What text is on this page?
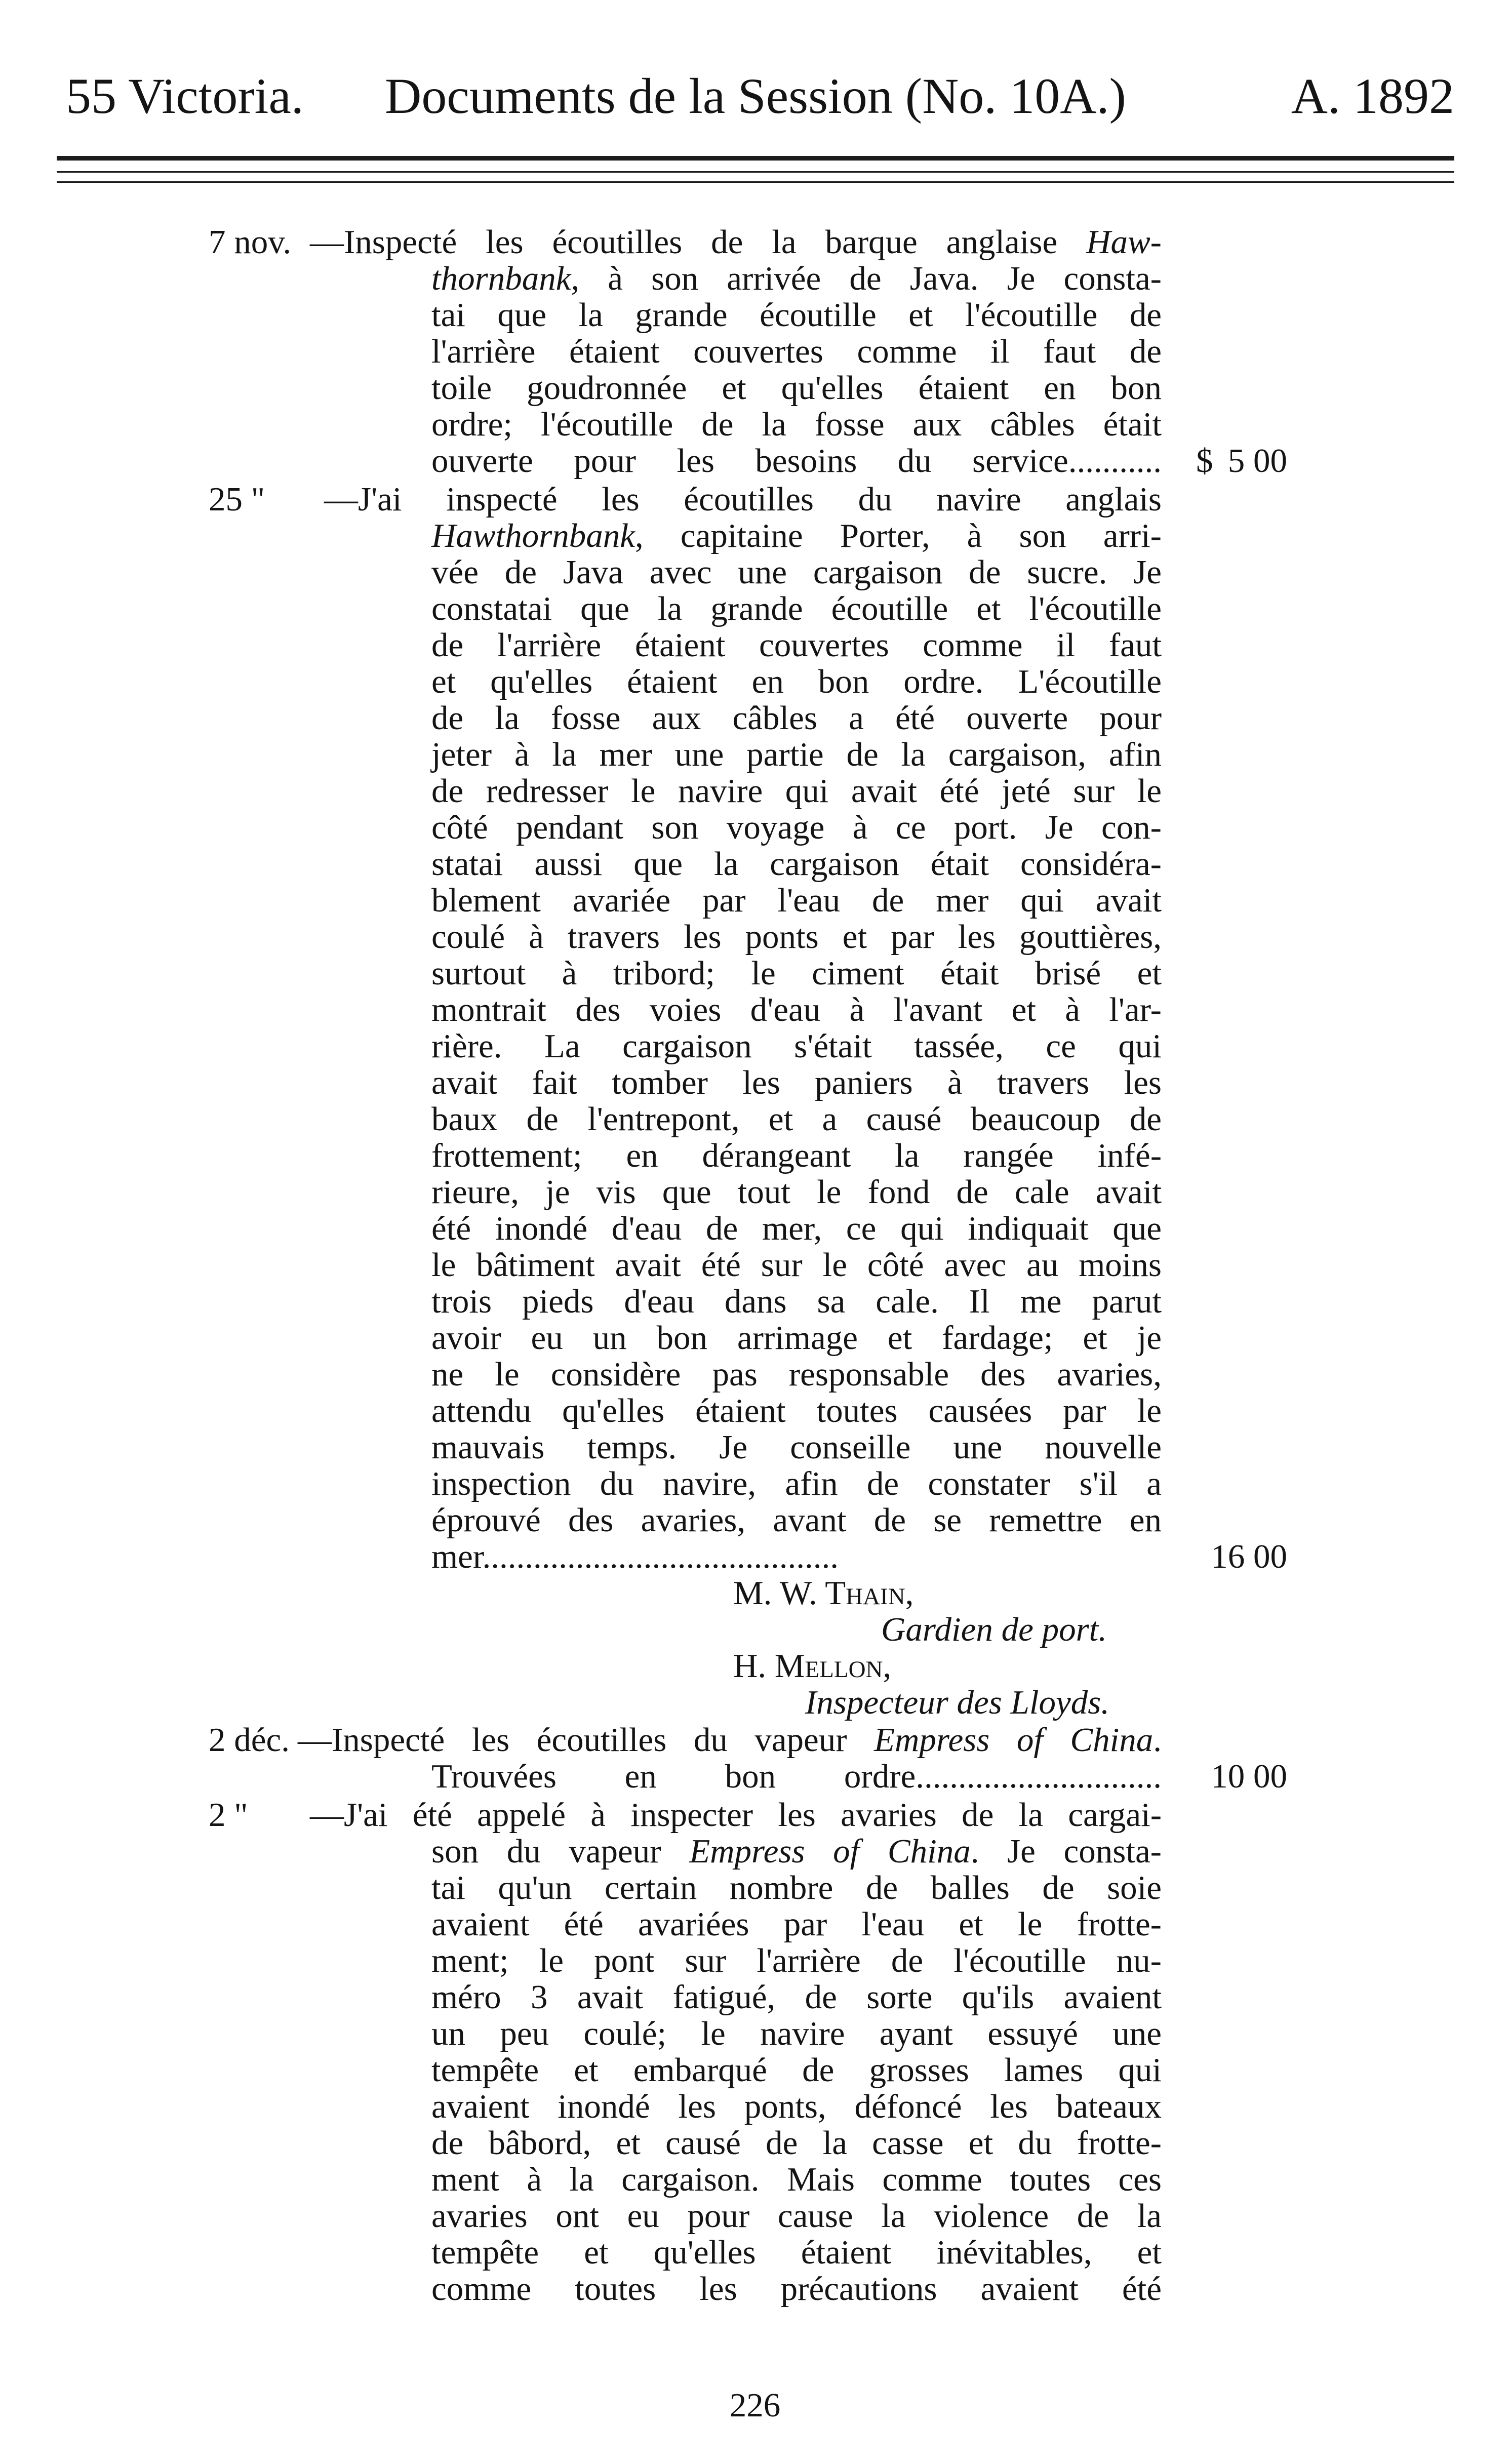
55 Victoria.	Documents de la Session (No. 10A.)	A. 1892
7 nov. —Inspecté les écoutilles de la barque anglaise Haw-
thornbank, à son arrivée de Java. Je consta-
tai que la grande écoutille et l'écoutille de
l'arrière étaient couvertes comme il faut de
toile goudronnée et qu'elles étaient en bon
ordre; l'écoutille de la fosse aux câbles était
ouverte pour les besoins du service........... $ 5 00
25 " —J'ai inspecté les écoutilles du navire anglais
Hawthornbank, capitaine Porter, à son arri-
vée de Java avec une cargaison de sucre. Je
constatai que la grande écoutille et l'écoutille
de l'arrière étaient couvertes comme il faut
et qu'elles étaient en bon ordre. L'écoutille
de la fosse aux câbles a été ouverte pour
jeter à la mer une partie de la cargaison, afin
de redresser le navire qui avait été jeté sur le
côté pendant son voyage à ce port. Je con-
statai aussi que la cargaison était considéra-
blement avariée par l'eau de mer qui avait
coulé à travers les ponts et par les gouttières,
surtout à tribord; le ciment était brisé et
montrait des voies d'eau à l'avant et à l'ar-
rière. La cargaison s'était tassée, ce qui
avait fait tomber les paniers à travers les
baux de l'entrepont, et a causé beaucoup de
frottement; en dérangeant la rangée infé-
rieure, je vis que tout le fond de cale avait
été inondé d'eau de mer, ce qui indiquait que
le bâtiment avait été sur le côté avec au moins
trois pieds d'eau dans sa cale. Il me parut
avoir eu un bon arrimage et fardage; et je
ne le considère pas responsable des avaries,
attendu qu'elles étaient toutes causées par le
mauvais temps. Je conseille une nouvelle
inspection du navire, afin de constater s'il a
éprouvé des avaries, avant de se remettre en
mer..........................................	16 00
M. W. Thain,
Gardien de port.
H. Mellon,
Inspecteur des Lloyds.
2 déc. —Inspecté les écoutilles du vapeur Empress of China.
Trouvées en bon ordre............................. 10 00
2 " —J'ai été appelé à inspecter les avaries de la cargai-
son du vapeur Empress of China. Je consta-
tai qu'un certain nombre de balles de soie
avaient été avariées par l'eau et le frotte-
ment; le pont sur l'arrière de l'écoutille nu-
méro 3 avait fatigué, de sorte qu'ils avaient
un peu coulé; le navire ayant essuyé une
tempête et embarqué de grosses lames qui
avaient inondé les ponts, défoncé les bateaux
de bâbord, et causé de la casse et du frotte-
ment à la cargaison. Mais comme toutes ces
avaries ont eu pour cause la violence de la
tempête et qu'elles étaient inévitables, et
comme toutes les précautions avaient été
226
